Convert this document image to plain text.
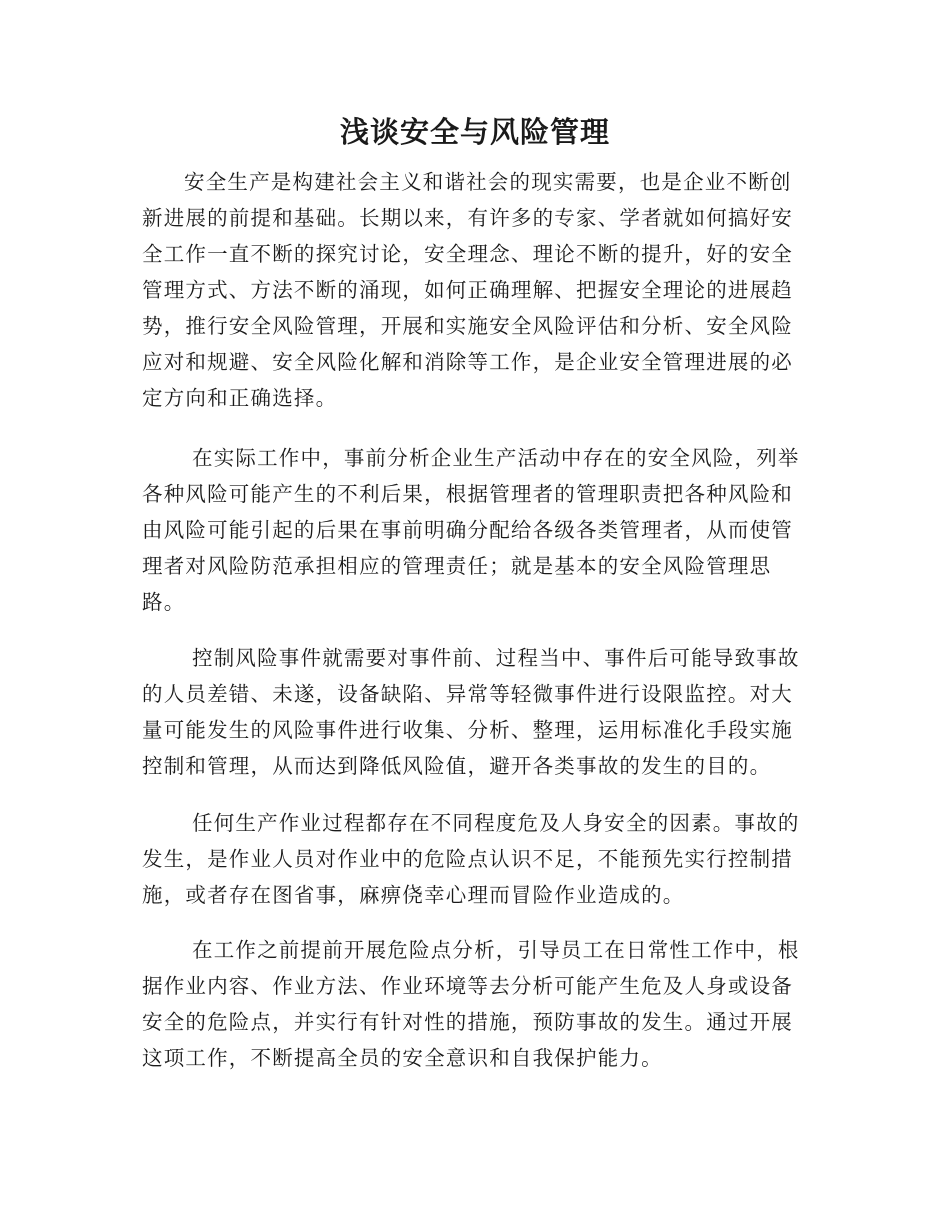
浅谈安全与风险管理

安全生产是构建社会主义和谐社会的现实需要，也是企业不断创
新进展的前提和基础。长期以来，有许多的专家、学者就如何搞好安
全工作一直不断的探究讨论，安全理念、理论不断的提升，好的安全
管理方式、方法不断的涌现，如何正确理解、把握安全理论的进展趋
势，推行安全风险管理，开展和实施安全风险评估和分析、安全风险
应对和规避、安全风险化解和消除等工作，是企业安全管理进展的必
定方向和正确选择。

在实际工作中，事前分析企业生产活动中存在的安全风险，列举
各种风险可能产生的不利后果，根据管理者的管理职责把各种风险和
由风险可能引起的后果在事前明确分配给各级各类管理者，从而使管
理者对风险防范承担相应的管理责任；就是基本的安全风险管理思
路。

控制风险事件就需要对事件前、过程当中、事件后可能导致事故
的人员差错、未遂，设备缺陷、异常等轻微事件进行设限监控。对大
量可能发生的风险事件进行收集、分析、整理，运用标准化手段实施
控制和管理，从而达到降低风险值，避开各类事故的发生的目的。

任何生产作业过程都存在不同程度危及人身安全的因素。事故的
发生，是作业人员对作业中的危险点认识不足，不能预先实行控制措
施，或者存在图省事，麻痹侥幸心理而冒险作业造成的。

在工作之前提前开展危险点分析，引导员工在日常性工作中，根
据作业内容、作业方法、作业环境等去分析可能产生危及人身或设备
安全的危险点，并实行有针对性的措施，预防事故的发生。通过开展
这项工作，不断提高全员的安全意识和自我保护能力。
